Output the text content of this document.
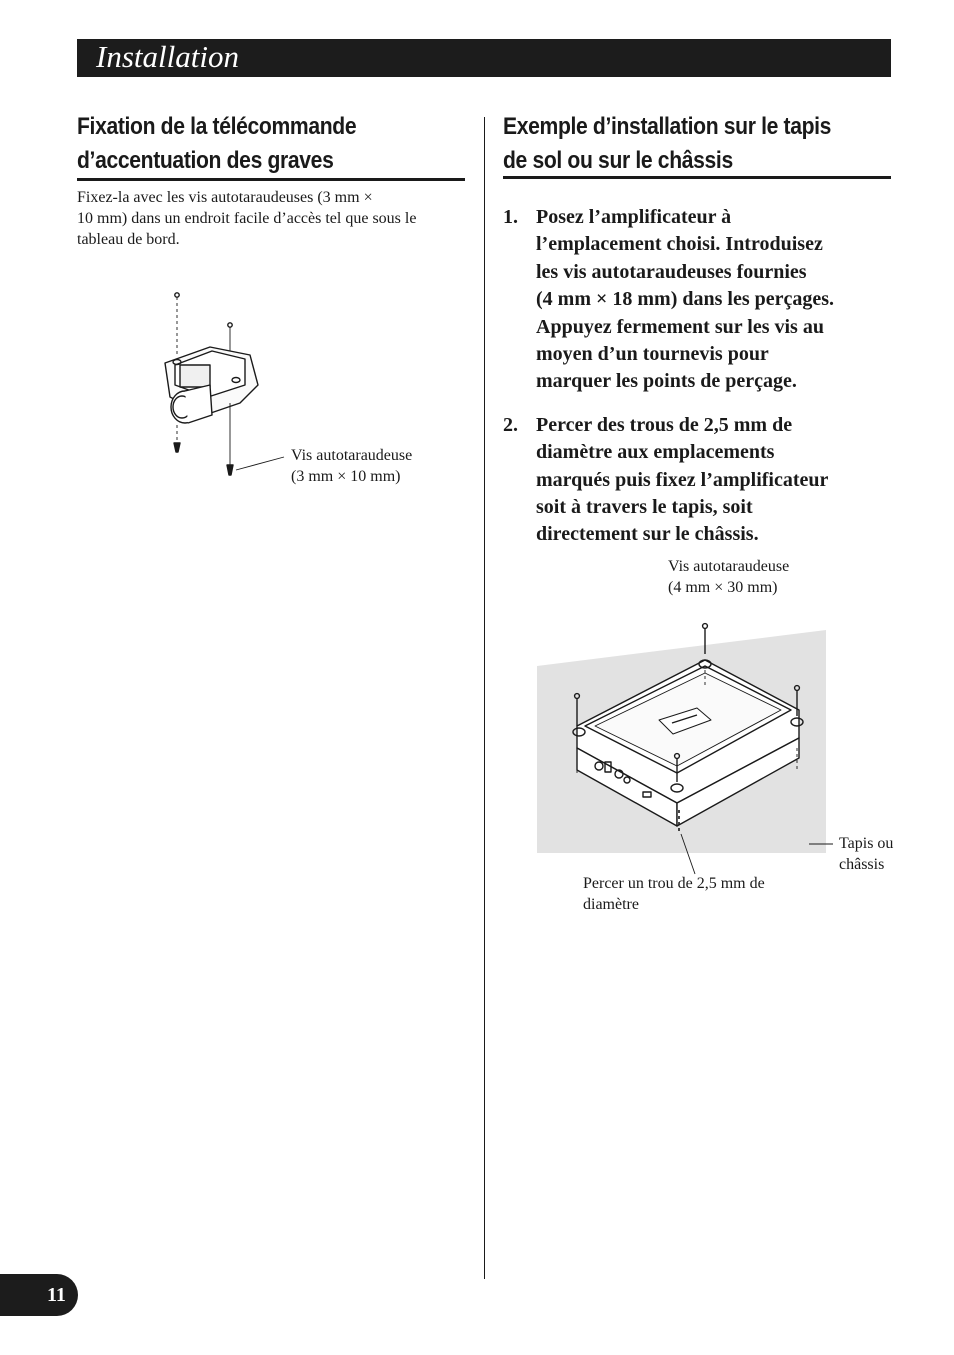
Installation
Fixation de la télécommande
d’accentuation des graves

Fixez-la avec les vis autotaraudeuses (3 mm ×
10 mm) dans un endroit facile d’accès tel que sous le
tableau de bord.

Vis autotaraudeuse
(3 mm × 10 mm)
Exemple d’installation sur le tapis
de sol ou sur le châssis
1. Posez l’amplificateur à
l’emplacement choisi. Introduisez
les vis autotaraudeuses fournies
(4 mm × 18 mm) dans les perçages.
Appuyez fermement sur les vis au
moyen d’un tournevis pour
marquer les points de perçage.
2. Percer des trous de 2,5 mm de
diamètre aux emplacements
marqués puis fixez l’amplificateur
soit à travers le tapis, soit
directement sur le châssis.
Vis autotaraudeuse
(4 mm × 30 mm)
Tapis ou
châssis
Percer un trou de 2,5 mm de
diamètre
11
